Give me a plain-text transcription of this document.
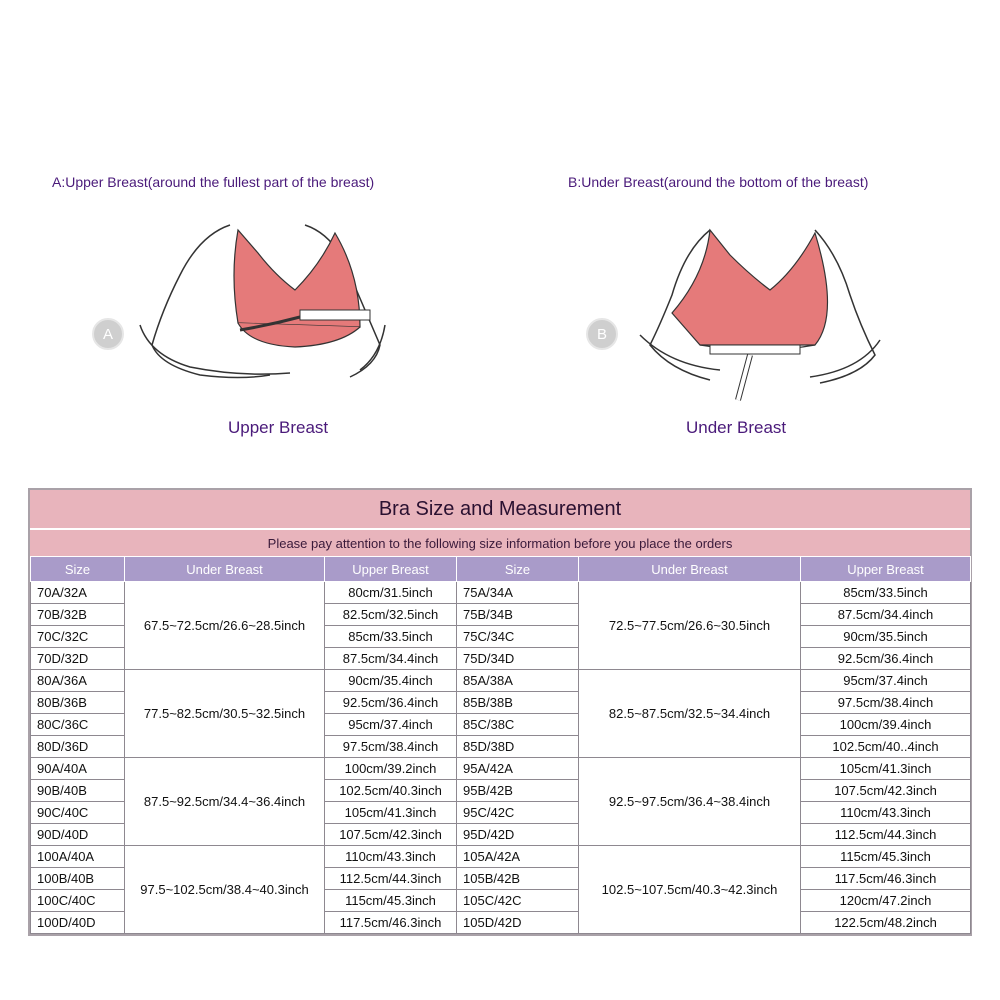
A:Upper Breast(around the fullest part of the breast)	B:Under Breast(around the bottom of the breast)
A	B
Upper Breast	Under Breast
Bra Size and Measurement
Please pay attention to the following size information before you place the orders
Size	Under Breast	Upper Breast	Size	Under Breast	Upper Breast
70A/32A	67.5~72.5cm/26.6~28.5inch	80cm/31.5inch	75A/34A	72.5~77.5cm/26.6~30.5inch	85cm/33.5inch
70B/32B		82.5cm/32.5inch	75B/34B		87.5cm/34.4inch
70C/32C		85cm/33.5inch	75C/34C		90cm/35.5inch
70D/32D		87.5cm/34.4inch	75D/34D		92.5cm/36.4inch
80A/36A	77.5~82.5cm/30.5~32.5inch	90cm/35.4inch	85A/38A	82.5~87.5cm/32.5~34.4inch	95cm/37.4inch
80B/36B		92.5cm/36.4inch	85B/38B		97.5cm/38.4inch
80C/36C		95cm/37.4inch	85C/38C		100cm/39.4inch
80D/36D		97.5cm/38.4inch	85D/38D		102.5cm/40..4inch
90A/40A	87.5~92.5cm/34.4~36.4inch	100cm/39.2inch	95A/42A	92.5~97.5cm/36.4~38.4inch	105cm/41.3inch
90B/40B		102.5cm/40.3inch	95B/42B		107.5cm/42.3inch
90C/40C		105cm/41.3inch	95C/42C		110cm/43.3inch
90D/40D		107.5cm/42.3inch	95D/42D		112.5cm/44.3inch
100A/40A	97.5~102.5cm/38.4~40.3inch	110cm/43.3inch	105A/42A	102.5~107.5cm/40.3~42.3inch	115cm/45.3inch
100B/40B		112.5cm/44.3inch	105B/42B		117.5cm/46.3inch
100C/40C		115cm/45.3inch	105C/42C		120cm/47.2inch
100D/40D		117.5cm/46.3inch	105D/42D		122.5cm/48.2inch
